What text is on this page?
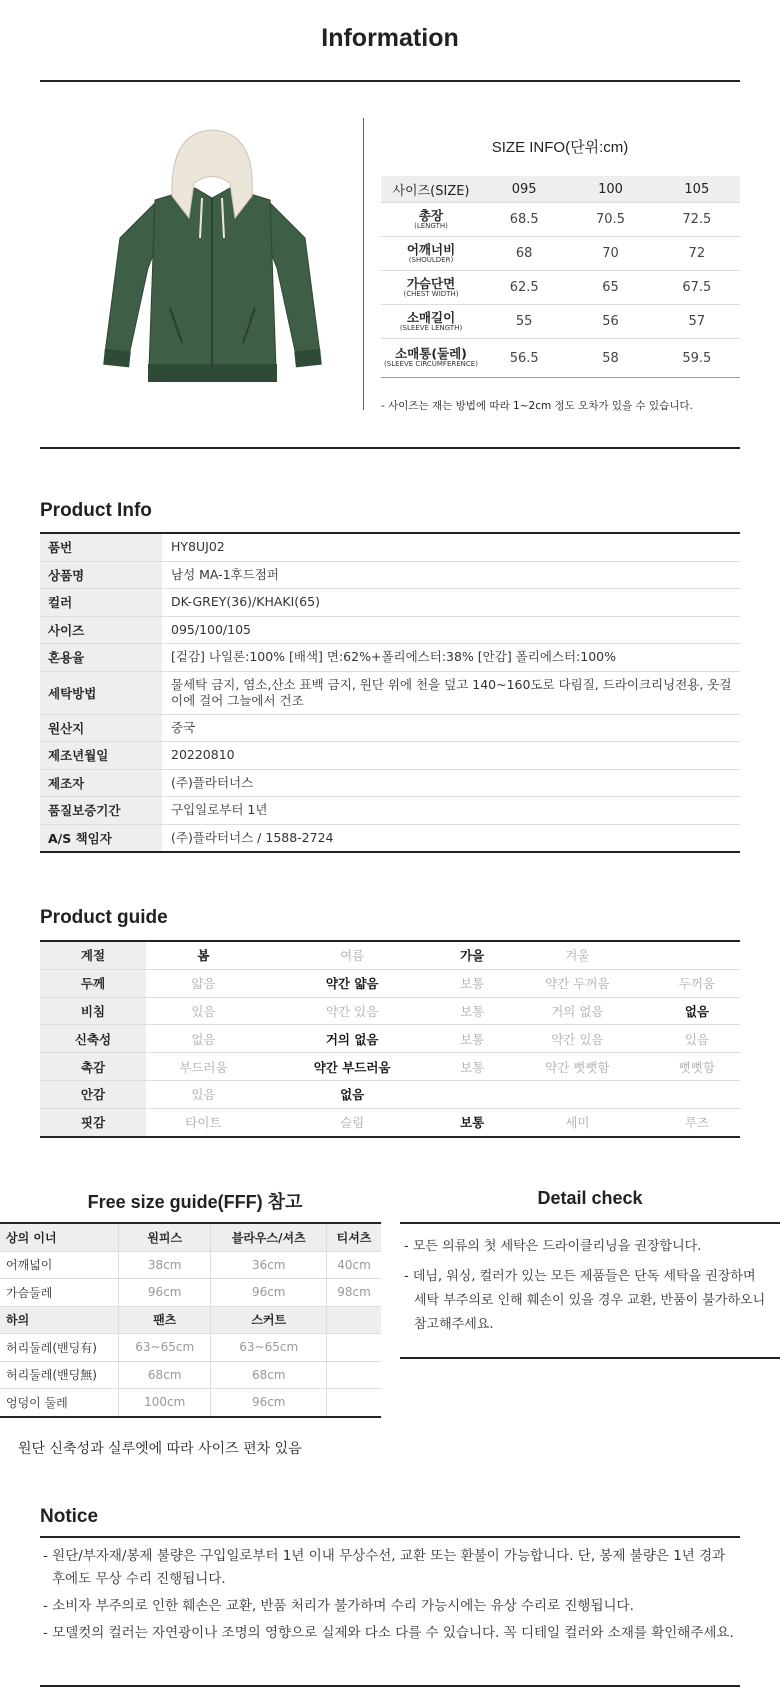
Information
SIZE INFO(단위:cm)
사이즈(SIZE)	095	100	105

총장
(LENGTH)	68.5	70.5	72.5

어깨너비
(SHOULDER)	68	70	72

가슴단면
(CHEST WIDTH)	62.5	65	67.5

소매길이
(SLEEVE LENGTH)	55	56	57

소매통(둘레)
(SLEEVE CIRCUMFERENCE)	56.5	58	59.5
- 사이즈는 재는 방법에 따라 1~2cm 정도 오차가 있을 수 있습니다.
Product Info
품번	HY8UJ02
상품명	남성 MA-1후드점퍼
컬러	DK-GREY(36)/KHAKI(65)
사이즈	095/100/105
혼용율	[겉감] 나일론:100% [배색] 면:62%+폴리에스터:38% [안감] 폴리에스터:100%
세탁방법	물세탁 금지, 염소,산소 표백 금지, 원단 위에 천을 덮고 140~160도로 다림질, 드라이크리닝전용, 옷걸이에 걸어 그늘에서 건조
원산지	중국
제조년월일	20220810
제조자	(주)플라터너스
품질보증기간	구입일로부터 1년
A/S 책임자	(주)플라터너스 / 1588-2724
Product guide
계절	봄	여름	가을	겨울	
두께	얇음	약간 얇음	보통	약간 두꺼움	두꺼움
비침	있음	약간 있음	보통	거의 없음	없음
신축성	없음	거의 없음	보통	약간 있음	있음
촉감	부드러움	약간 부드러움	보통	약간 뻣뻣함	뻣뻣함
안감	있음	없음			
핏감	타이트	슬림	보통	세미	루즈
Free size guide(FFF) 참고
상의 이너	원피스	블라우스/셔츠	티셔츠
어깨넓이	38cm	36cm	40cm
가슴둘레	96cm	96cm	98cm
하의	팬츠	스커트	
허리둘레(밴딩有)	63~65cm	63~65cm	
허리둘레(밴딩無)	68cm	68cm	
엉덩이 둘레	100cm	96cm	
원단 신축성과 실루엣에 따라 사이즈 편차 있음
Detail check
- 모든 의류의 첫 세탁은 드라이클리닝을 권장합니다.
- 데님, 워싱, 컬러가 있는 모든 제품들은 단독 세탁을 권장하며 세탁 부주의로 인해 훼손이 있을 경우 교환, 반품이 불가하오니 참고해주세요.
Notice
- 원단/부자재/봉제 불량은 구입일로부터 1년 이내 무상수선, 교환 또는 환불이 가능합니다. 단, 봉제 불량은 1년 경과 후에도 무상 수리 진행됩니다.
- 소비자 부주의로 인한 훼손은 교환, 반품 처리가 불가하며 수리 가능시에는 유상 수리로 진행됩니다.
- 모델컷의 컬러는 자연광이나 조명의 영향으로 실제와 다소 다를 수 있습니다. 꼭 디테일 컬러와 소재를 확인해주세요.
